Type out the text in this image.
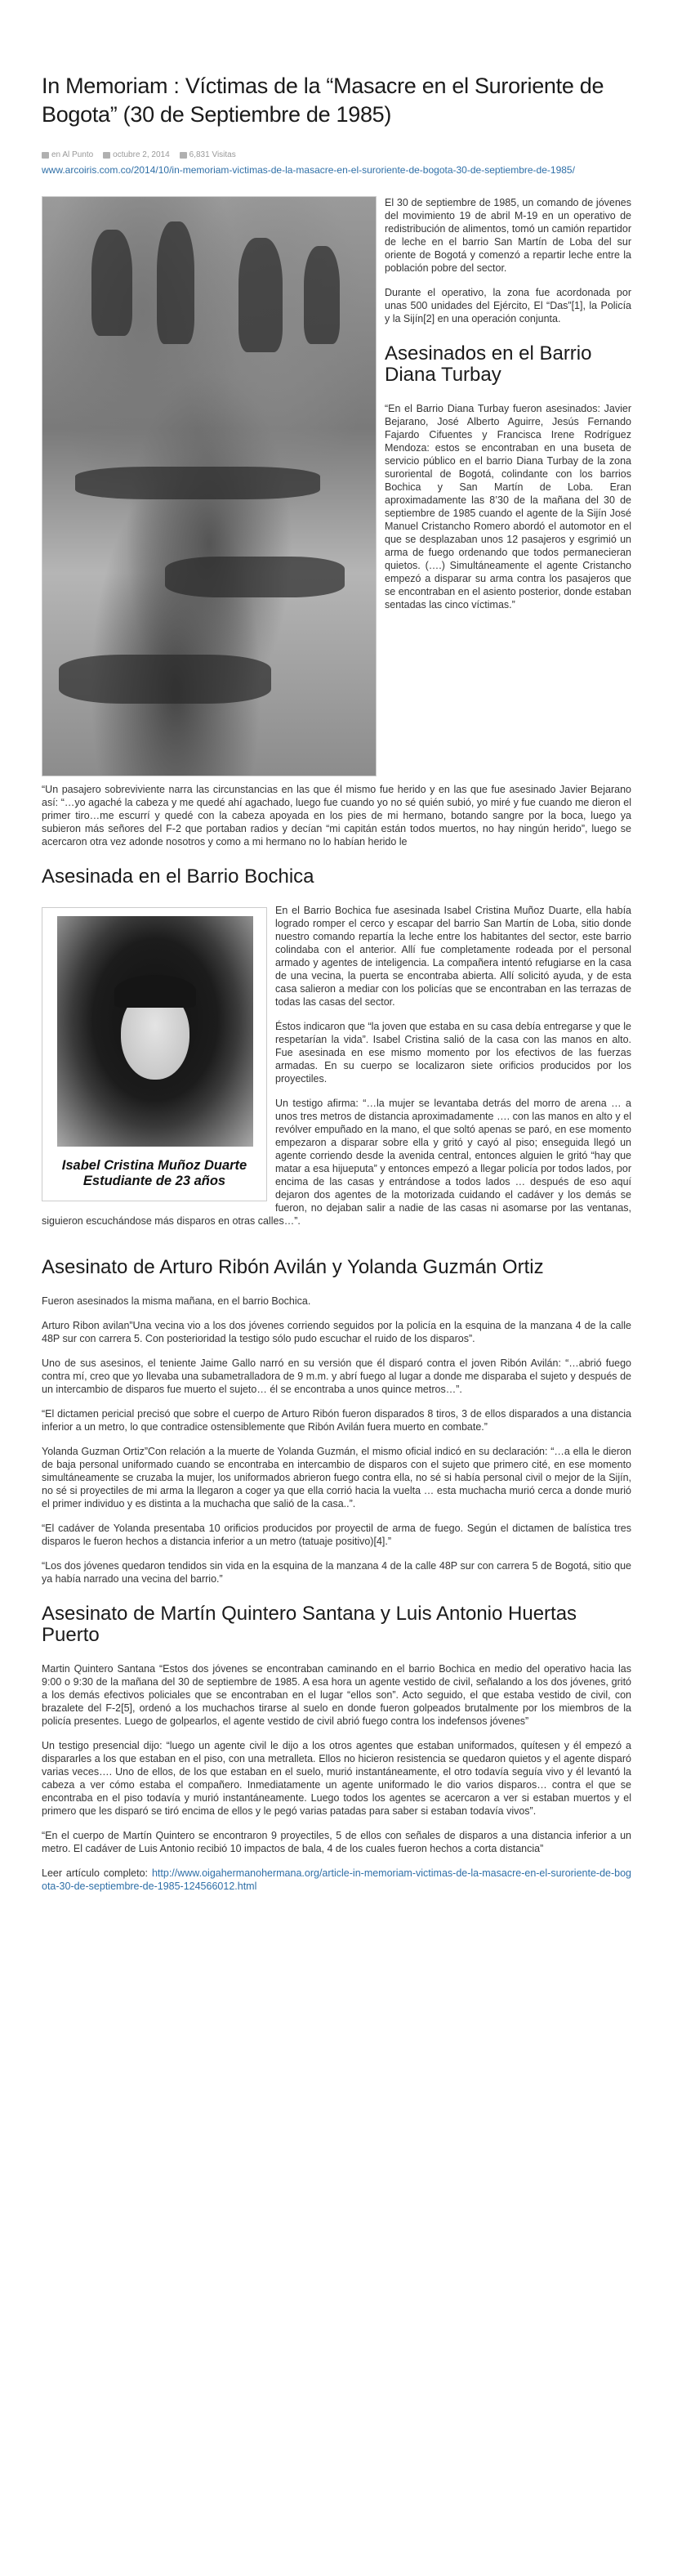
In Memoriam : Víctimas de la “Masacre en el Suroriente de Bogota” (30 de Septiembre de 1985)
en Al Punto octubre 2, 2014 6,831 Visitas
www.arcoiris.com.co/2014/10/in-memoriam-victimas-de-la-masacre-en-el-suroriente-de-bogota-30-de-septiembre-de-1985/

El 30 de septiembre de 1985, un comando de jóvenes del movimiento 19 de abril M-19 en un operativo de redistribución de alimentos, tomó un camión repartidor de leche en el barrio San Martín de Loba del sur oriente de Bogotá y comenzó a repartir leche entre la población pobre del sector.

Durante el operativo, la zona fue acordonada por unas 500 unidades del Ejército, El “Das”[1], la Policía y la Sijín[2] en una operación conjunta.

Asesinados en el Barrio Diana Turbay

“En el Barrio Diana Turbay fueron asesinados: Javier Bejarano, José Alberto Aguirre, Jesús Fernando Fajardo Cifuentes y Francisca Irene Rodríguez Mendoza: estos se encontraban en una buseta de servicio público en el barrio Diana Turbay de la zona suroriental de Bogotá, colindante con los barrios Bochica y San Martín de Loba. Eran aproximadamente las 8’30 de la mañana del 30 de septiembre de 1985 cuando el agente de la Sijín José Manuel Cristancho Romero abordó el automotor en el que se desplazaban unos 12 pasajeros y esgrimió un arma de fuego ordenando que todos permanecieran quietos. (….) Simultáneamente el agente Cristancho empezó a disparar su arma contra los pasajeros que se encontraban en el asiento posterior, donde estaban sentadas las cinco víctimas.”

“Un pasajero sobreviviente narra las circunstancias en las que él mismo fue herido y en las que fue asesinado Javier Bejarano así: “…yo agaché la cabeza y me quedé ahí agachado, luego fue cuando yo no sé quién subió, yo miré y fue cuando me dieron el primer tiro…me escurrí y quedé con la cabeza apoyada en los pies de mi hermano, botando sangre por la boca, luego ya subieron más señores del F-2 que portaban radios y decían “mi capitán están todos muertos, no hay ningún herido”, luego se acercaron otra vez adonde nosotros y como a mi hermano no lo habían herido le

Asesinada en el Barrio Bochica
Isabel Cristina Muñoz Duarte
Estudiante de 23 años

En el Barrio Bochica fue asesinada Isabel Cristina Muñoz Duarte, ella había logrado romper el cerco y escapar del barrio San Martín de Loba, sitio donde nuestro comando repartía la leche entre los habitantes del sector, este barrio colindaba con el anterior. Allí fue completamente rodeada por el personal armado y agentes de inteligencia. La compañera intentó refugiarse en la casa de una vecina, la puerta se encontraba abierta. Allí solicitó ayuda, y de esta casa salieron a mediar con los policías que se encontraban en las terrazas de todas las casas del sector.

Éstos indicaron que “la joven que estaba en su casa debía entregarse y que le respetarían la vida”. Isabel Cristina salió de la casa con las manos en alto. Fue asesinada en ese mismo momento por los efectivos de las fuerzas armadas. En su cuerpo se localizaron siete orificios producidos por los proyectiles.

Un testigo afirma: “…la mujer se levantaba detrás del morro de arena … a unos tres metros de distancia aproximadamente …. con las manos en alto y el revólver empuñado en la mano, el que soltó apenas se paró, en ese momento empezaron a disparar sobre ella y gritó y cayó al piso; enseguida llegó un agente corriendo desde la avenida central, entonces alguien le gritó “hay que matar a esa hijueputa” y entonces empezó a llegar policía por todos lados, por encima de las casas y entrándose a todos lados … después de eso aquí dejaron dos agentes de la motorizada cuidando el cadáver y los demás se fueron, no dejaban salir a nadie de las casas ni asomarse por las ventanas, siguieron escuchándose más disparos en otras calles…”.

Asesinato de Arturo Ribón Avilán y Yolanda Guzmán Ortiz

Fueron asesinados la misma mañana, en el barrio Bochica.

Arturo Ribon avilan”Una vecina vio a los dos jóvenes corriendo seguidos por la policía en la esquina de la manzana 4 de la calle 48P sur con carrera 5. Con posterioridad la testigo sólo pudo escuchar el ruido de los disparos”.

Uno de sus asesinos, el teniente Jaime Gallo narró en su versión que él disparó contra el joven Ribón Avilán: “…abrió fuego contra mí, creo que yo llevaba una subametralladora de 9 m.m. y abrí fuego al lugar a donde me disparaba el sujeto y después de un intercambio de disparos fue muerto el sujeto… él se encontraba a unos quince metros…”.

“El dictamen pericial precisó que sobre el cuerpo de Arturo Ribón fueron disparados 8 tiros, 3 de ellos disparados a una distancia inferior a un metro, lo que contradice ostensiblemente que Ribón Avilán fuera muerto en combate.”

Yolanda Guzman Ortiz”Con relación a la muerte de Yolanda Guzmán, el mismo oficial indicó en su declaración: “…a ella le dieron de baja personal uniformado cuando se encontraba en intercambio de disparos con el sujeto que primero cité, en ese momento simultáneamente se cruzaba la mujer, los uniformados abrieron fuego contra ella, no sé si había personal civil o mejor de la Sijín, no sé si proyectiles de mi arma la llegaron a coger ya que ella corrió hacia la vuelta … esta muchacha murió cerca a donde murió el primer individuo y es distinta a la muchacha que salió de la casa..”.

“El cadáver de Yolanda presentaba 10 orificios producidos por proyectil de arma de fuego. Según el dictamen de balística tres disparos le fueron hechos a distancia inferior a un metro (tatuaje positivo)[4].”

“Los dos jóvenes quedaron tendidos sin vida en la esquina de la manzana 4 de la calle 48P sur con carrera 5 de Bogotá, sitio que ya había narrado una vecina del barrio.”

Asesinato de Martín Quintero Santana y Luis Antonio Huertas Puerto

Martin Quintero Santana “Estos dos jóvenes se encontraban caminando en el barrio Bochica en medio del operativo hacia las 9:00 o 9:30 de la mañana del 30 de septiembre de 1985. A esa hora un agente vestido de civil, señalando a los dos jóvenes, gritó a los demás efectivos policiales que se encontraban en el lugar “ellos son”. Acto seguido, el que estaba vestido de civil, con brazalete del F-2[5], ordenó a los muchachos tirarse al suelo en donde fueron golpeados brutalmente por los miembros de la policía presentes. Luego de golpearlos, el agente vestido de civil abrió fuego contra los indefensos jóvenes”

Un testigo presencial dijo: “luego un agente civil le dijo a los otros agentes que estaban uniformados, quítesen y él empezó a dispararles a los que estaban en el piso, con una metralleta. Ellos no hicieron resistencia se quedaron quietos y el agente disparó varias veces…. Uno de ellos, de los que estaban en el suelo, murió instantáneamente, el otro todavía seguía vivo y él levantó la cabeza a ver cómo estaba el compañero. Inmediatamente un agente uniformado le dio varios disparos… contra el que se encontraba en el piso todavía y murió instantáneamente. Luego todos los agentes se acercaron a ver si estaban muertos y el primero que les disparó se tiró encima de ellos y le pegó varias patadas para saber si estaban todavía vivos”.

“En el cuerpo de Martín Quintero se encontraron 9 proyectiles, 5 de ellos con señales de disparos a una distancia inferior a un metro. El cadáver de Luis Antonio recibió 10 impactos de bala, 4 de los cuales fueron hechos a corta distancia”

Leer artículo completo: http://www.oigahermanohermana.org/article-in-memoriam-victimas-de-la-masacre-en-el-suroriente-de-bogota-30-de-septiembre-de-1985-124566012.html
